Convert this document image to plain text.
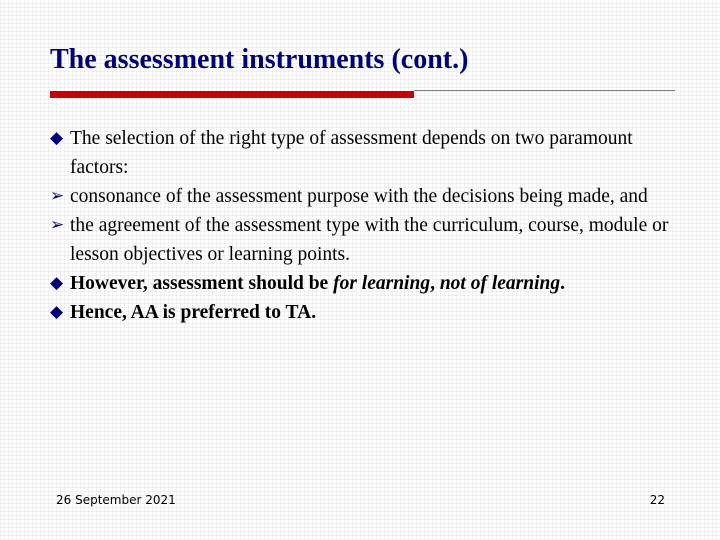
The assessment instruments (cont.)

◆ The selection of the right type of assessment depends on two paramount factors:

➢ consonance of the assessment purpose with the decisions being made, and

➢ the agreement of the assessment type with the curriculum, course, module or lesson objectives or learning points.

◆ However, assessment should be for learning, not of learning.

◆ Hence, AA is preferred to TA.

26 September 2021	22
